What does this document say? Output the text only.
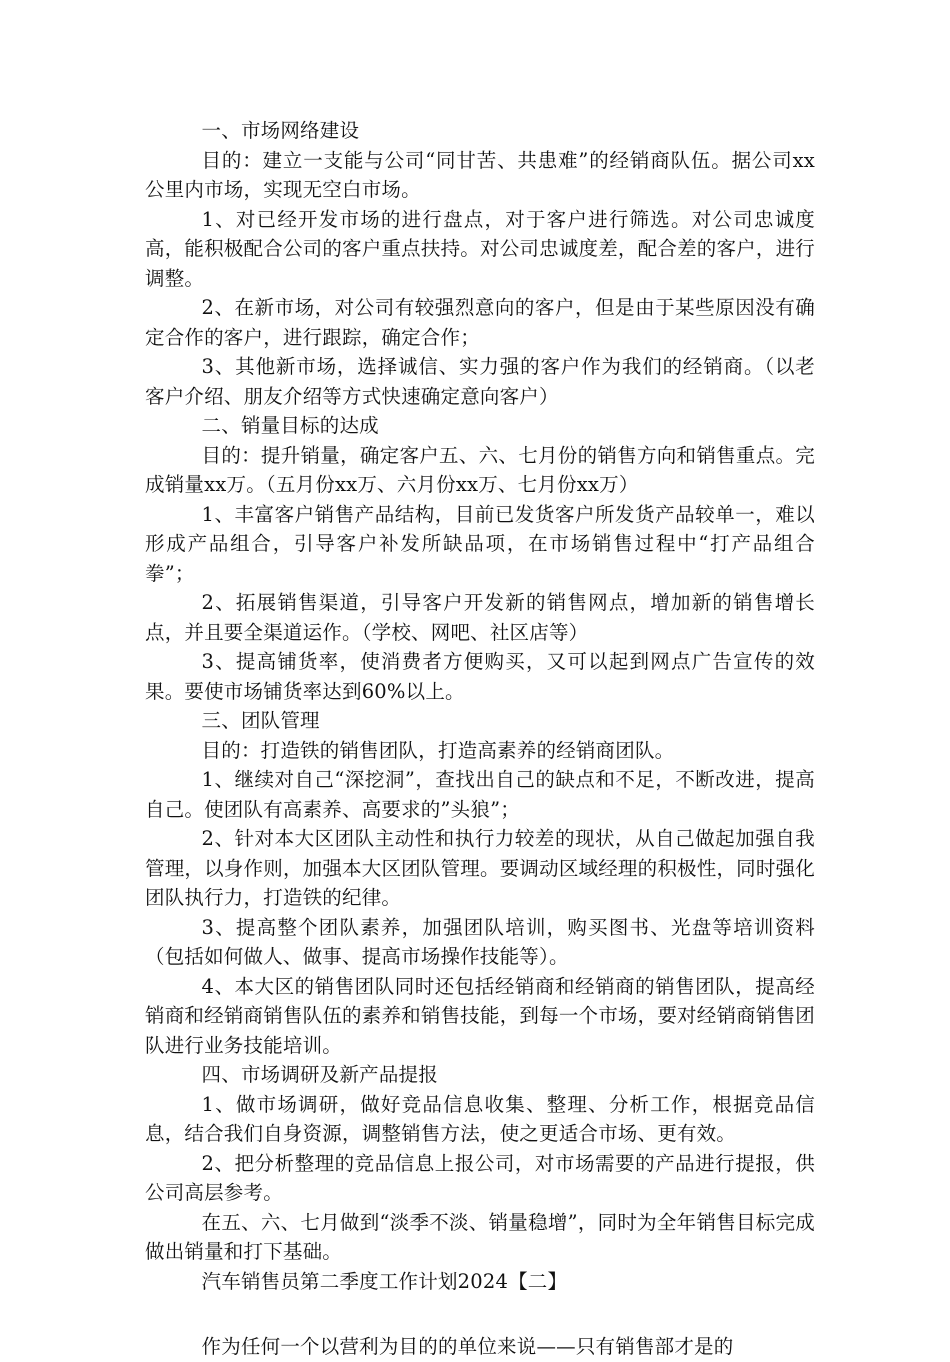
一、市场网络建设

目的：建立一支能与公司“同甘苦、共患难”的经销商队伍。据公司xx公里内市场，实现无空白市场。

1、对已经开发市场的进行盘点，对于客户进行筛选。对公司忠诚度高，能积极配合公司的客户重点扶持。对公司忠诚度差，配合差的客户，进行调整。

2、在新市场，对公司有较强烈意向的客户，但是由于某些原因没有确定合作的客户，进行跟踪，确定合作；

3、其他新市场，选择诚信、实力强的客户作为我们的经销商。（以老客户介绍、朋友介绍等方式快速确定意向客户）

二、销量目标的达成

目的：提升销量，确定客户五、六、七月份的销售方向和销售重点。完成销量xx万。（五月份xx万、六月份xx万、七月份xx万）

1、丰富客户销售产品结构，目前已发货客户所发货产品较单一，难以形成产品组合，引导客户补发所缺品项，在市场销售过程中“打产品组合拳”；

2、拓展销售渠道，引导客户开发新的销售网点，增加新的销售增长点，并且要全渠道运作。（学校、网吧、社区店等）

3、提高铺货率，使消费者方便购买，又可以起到网点广告宣传的效果。要使市场铺货率达到60%以上。

三、团队管理

目的：打造铁的销售团队，打造高素养的经销商团队。

1、继续对自己“深挖洞”，查找出自己的缺点和不足，不断改进，提高自己。使团队有高素养、高要求的”头狼”；

2、针对本大区团队主动性和执行力较差的现状，从自己做起加强自我管理，以身作则，加强本大区团队管理。要调动区域经理的积极性，同时强化团队执行力，打造铁的纪律。

3、提高整个团队素养，加强团队培训，购买图书、光盘等培训资料（包括如何做人、做事、提高市场操作技能等）。

4、本大区的销售团队同时还包括经销商和经销商的销售团队，提高经销商和经销商销售队伍的素养和销售技能，到每一个市场，要对经销商销售团队进行业务技能培训。

四、市场调研及新产品提报

1、做市场调研，做好竞品信息收集、整理、分析工作，根据竞品信息，结合我们自身资源，调整销售方法，使之更适合市场、更有效。

2、把分析整理的竞品信息上报公司，对市场需要的产品进行提报，供公司高层参考。

在五、六、七月做到“淡季不淡、销量稳增”，同时为全年销售目标完成做出销量和打下基础。

汽车销售员第二季度工作计划2024【二】

作为任何一个以营利为目的的单位来说——只有销售部才是的
